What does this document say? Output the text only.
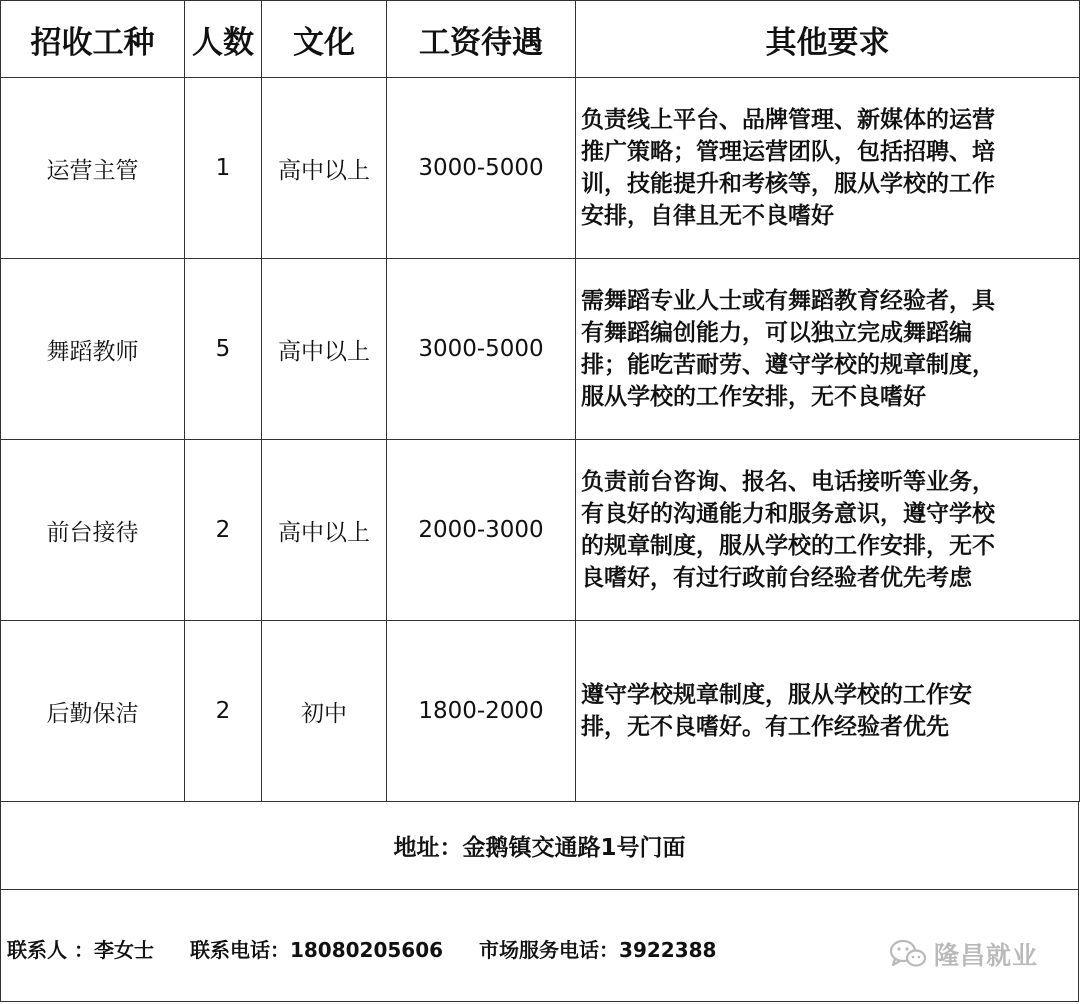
招收工种	人数	文化	工资待遇	其他要求
运营主管	1	高中以上	3000-5000	负责线上平台、品牌管理、新媒体的运营
推广策略；管理运营团队，包括招聘、培
训，技能提升和考核等，服从学校的工作
安排，自律且无不良嗜好

舞蹈教师	5	高中以上	3000-5000	需舞蹈专业人士或有舞蹈教育经验者，具
有舞蹈编创能力，可以独立完成舞蹈编
排；能吃苦耐劳、遵守学校的规章制度，
服从学校的工作安排，无不良嗜好

前台接待	2	高中以上	2000-3000	负责前台咨询、报名、电话接听等业务，
有良好的沟通能力和服务意识，遵守学校
的规章制度，服从学校的工作安排，无不
良嗜好，有过行政前台经验者优先考虑

后勤保洁	2	初中	1800-2000	遵守学校规章制度，服从学校的工作安
排，无不良嗜好。有工作经验者优先
地址：金鹅镇交通路1号门面
联系人 ：李女士 联系电话：18080205606 市场服务电话：3922388	隆昌就业
